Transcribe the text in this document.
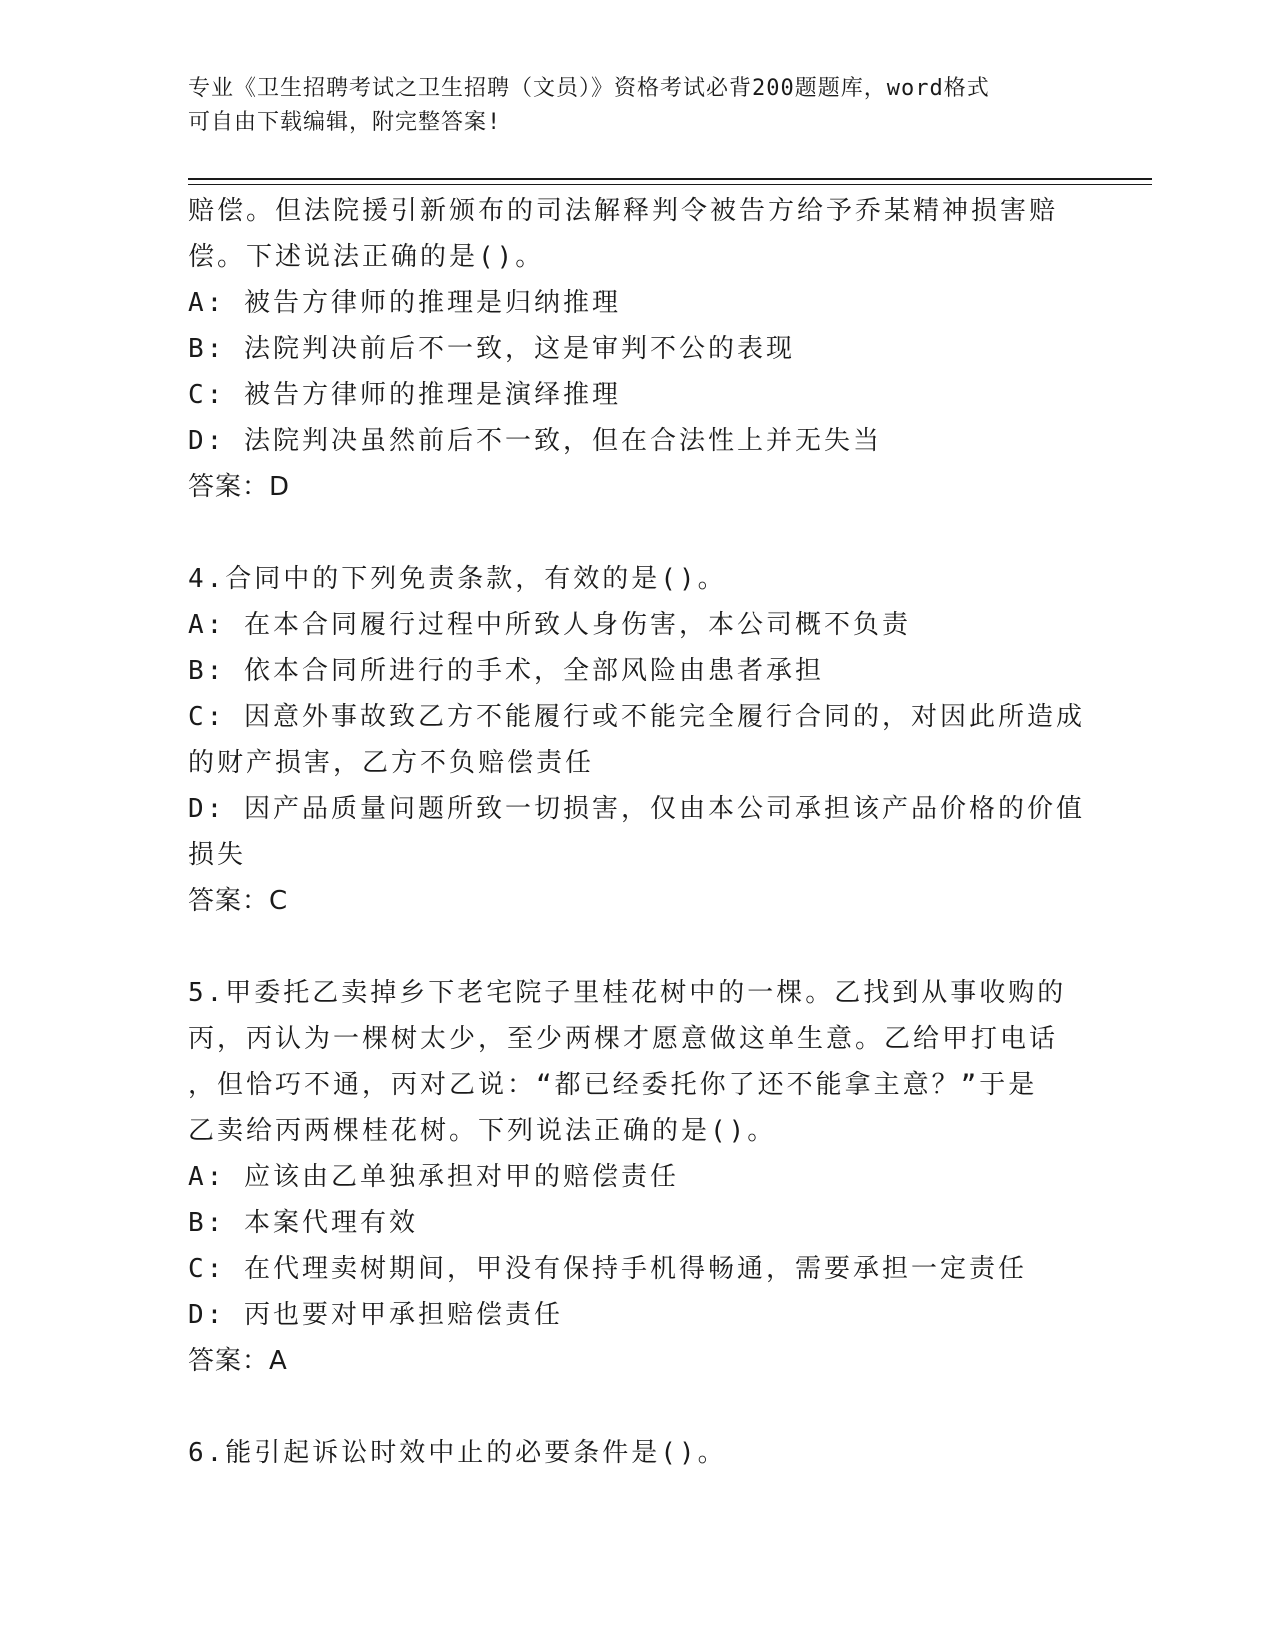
专业《卫生招聘考试之卫生招聘（文员）》资格考试必背200题题库，word格式
可自由下载编辑，附完整答案!

赔偿。但法院援引新颁布的司法解释判令被告方给予乔某精神损害赔

偿。下述说法正确的是()。

A: 被告方律师的推理是归纳推理

B: 法院判决前后不一致，这是审判不公的表现

C: 被告方律师的推理是演绎推理

D: 法院判决虽然前后不一致，但在合法性上并无失当

答案：D

4.合同中的下列免责条款，有效的是()。

A: 在本合同履行过程中所致人身伤害，本公司概不负责

B: 依本合同所进行的手术，全部风险由患者承担

C: 因意外事故致乙方不能履行或不能完全履行合同的，对因此所造成

的财产损害，乙方不负赔偿责任

D: 因产品质量问题所致一切损害，仅由本公司承担该产品价格的价值

损失

答案：C

5.甲委托乙卖掉乡下老宅院子里桂花树中的一棵。乙找到从事收购的

丙，丙认为一棵树太少，至少两棵才愿意做这单生意。乙给甲打电话

，但恰巧不通，丙对乙说：“都已经委托你了还不能拿主意？”于是

乙卖给丙两棵桂花树。下列说法正确的是()。

A: 应该由乙单独承担对甲的赔偿责任

B: 本案代理有效

C: 在代理卖树期间，甲没有保持手机得畅通，需要承担一定责任

D: 丙也要对甲承担赔偿责任

答案：A

6.能引起诉讼时效中止的必要条件是()。
